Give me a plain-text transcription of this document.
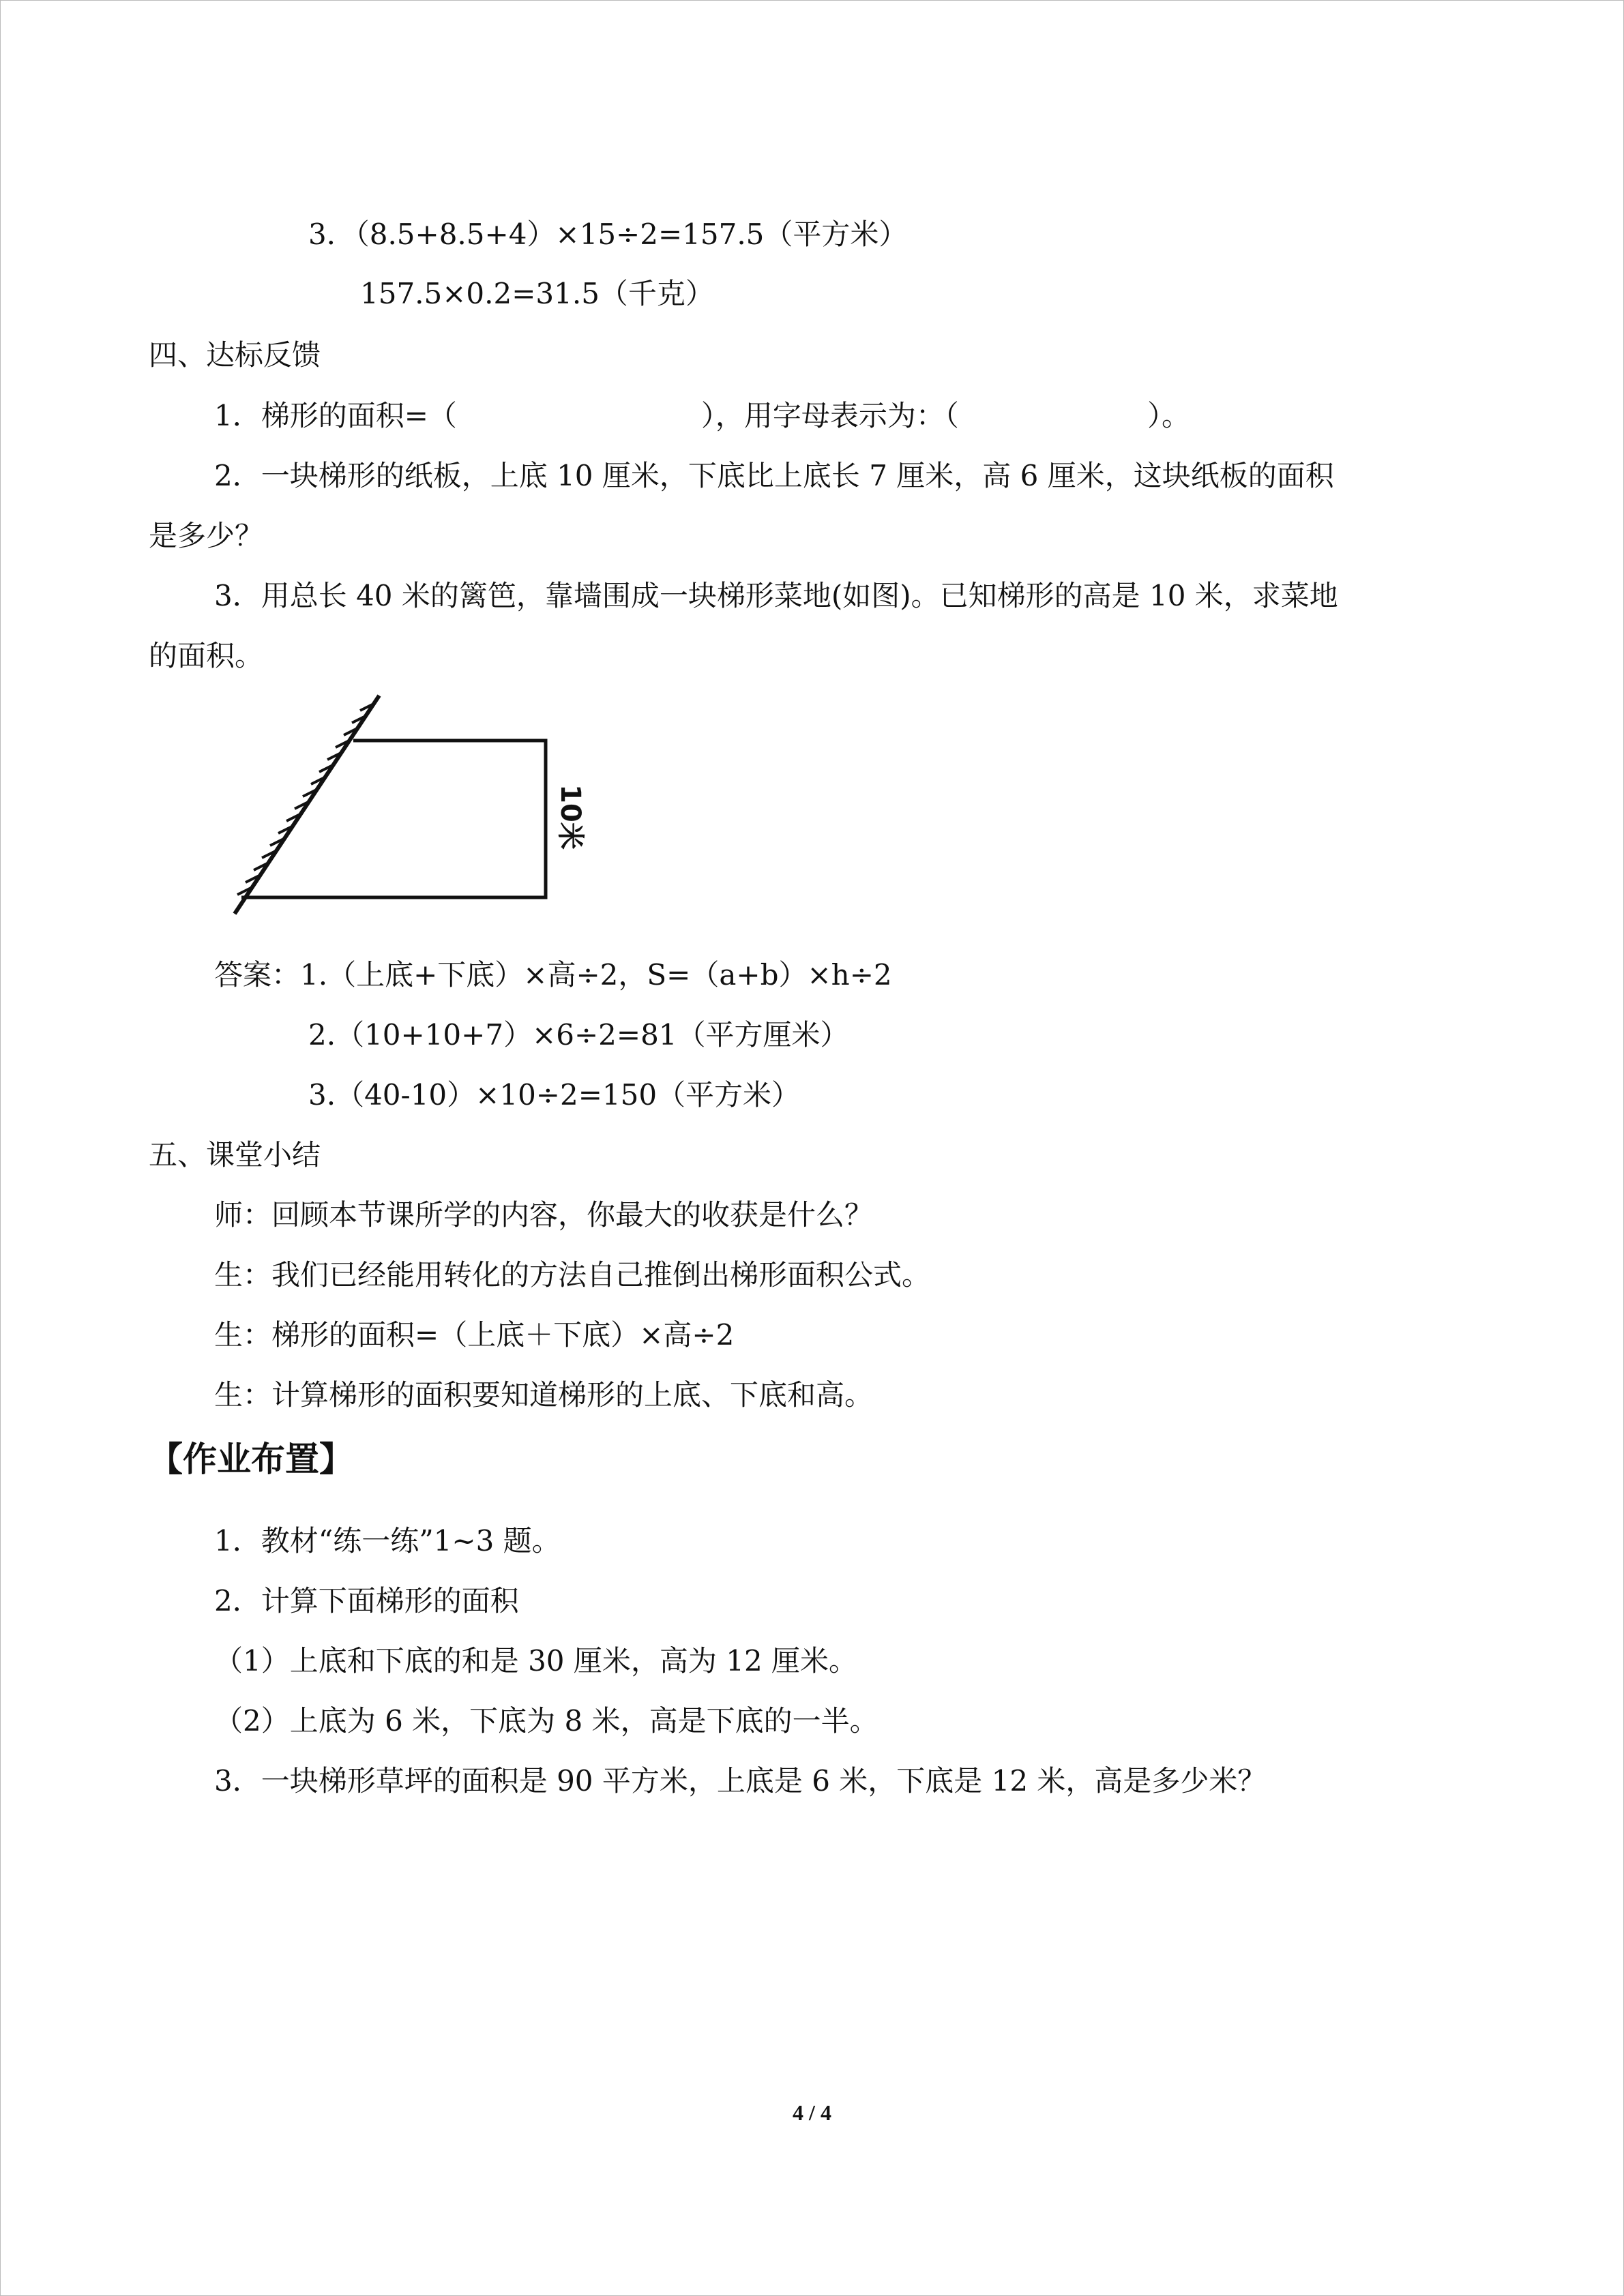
3．（8.5+8.5+4）×15÷2=157.5（平方米）
157.5×0.2=31.5（千克）
四、达标反馈
1．梯形的面积=（	），用字母表示为：（	）。
2．一块梯形的纸板，上底 10 厘米，下底比上底长 7 厘米，高 6 厘米，这块纸板的面积
是多少？
3．用总长 40 米的篱笆，靠墙围成一块梯形菜地(如图)。已知梯形的高是 10 米，求菜地
的面积。
10米
答案：1.（上底+下底）×高÷2，S=（a+b）×h÷2
2.（10+10+7）×6÷2=81（平方厘米）
3.（40-10）×10÷2=150（平方米）
五、课堂小结
师：回顾本节课所学的内容，你最大的收获是什么？
生：我们已经能用转化的方法自己推倒出梯形面积公式。
生：梯形的面积=（上底＋下底）×高÷2
生：计算梯形的面积要知道梯形的上底、下底和高。
【作业布置】
1．教材“练一练”1~3 题。
2．计算下面梯形的面积
（1）上底和下底的和是 30 厘米，高为 12 厘米。
（2）上底为 6 米，下底为 8 米，高是下底的一半。
3．一块梯形草坪的面积是 90 平方米，上底是 6 米，下底是 12 米，高是多少米？
4 / 4
